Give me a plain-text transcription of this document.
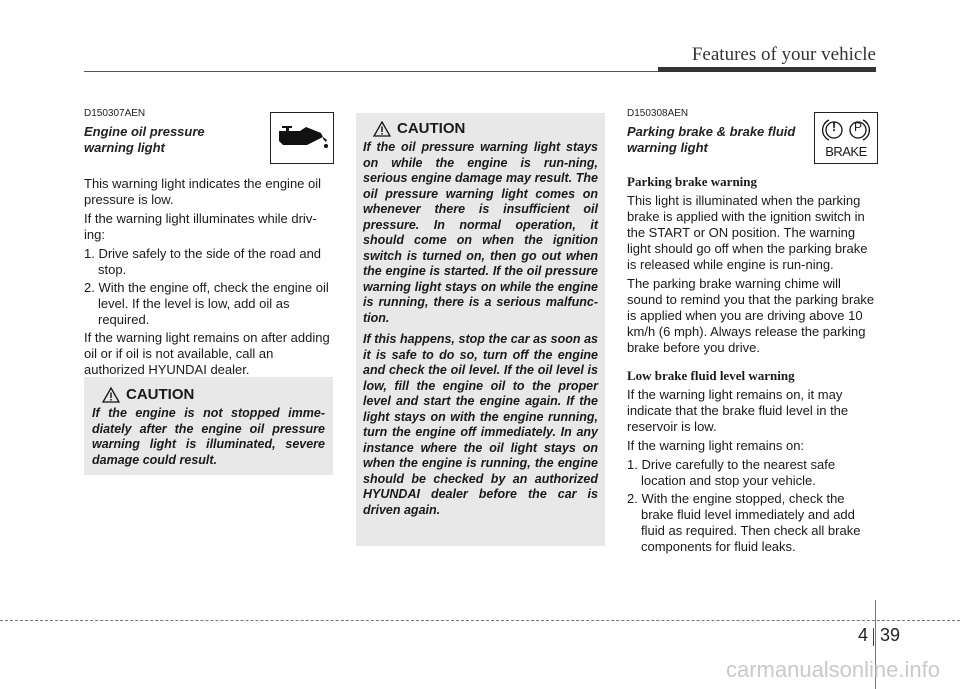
Features of your vehicle
D150307AEN
Engine oil pressure warning light

This warning light indicates the engine oil pressure is low.

If the warning light illuminates while driv-ing:

1. Drive safely to the side of the road and stop.
2. With the engine off, check the engine oil level. If the level is low, add oil as required.

If the warning light remains on after adding oil or if oil is not available, call an authorized HYUNDAI dealer.

CAUTION
If the engine is not stopped imme-diately after the engine oil pressure warning light is illuminated, severe damage could result.
CAUTION
If the oil pressure warning light stays on while the engine is run-ning, serious engine damage may result. The oil pressure warning light comes on whenever there is insufficient oil pressure. In normal operation, it should come on when the ignition switch is turned on, then go out when the engine is started. If the oil pressure warning light stays on while the engine is running, there is a serious malfunc-tion.
If this happens, stop the car as soon as it is safe to do so, turn off the engine and check the oil level. If the oil level is low, fill the engine oil to the proper level and start the engine again. If the light stays on with the engine running, turn the engine off immediately. In any instance where the oil light stays on when the engine is running, the engine should be checked by an authorized HYUNDAI dealer before the car is driven again.
D150308AEN
Parking brake & brake fluid warning light
Parking brake warning

This light is illuminated when the parking brake is applied with the ignition switch in the START or ON position. The warning light should go off when the parking brake is released while engine is run-ning.

The parking brake warning chime will sound to remind you that the parking brake is applied when you are driving above 10 km/h (6 mph). Always release the parking brake before you drive.

Low brake fluid level warning

If the warning light remains on, it may indicate that the brake fluid level in the reservoir is low.

If the warning light remains on:

1. Drive carefully to the nearest safe location and stop your vehicle.
2. With the engine stopped, check the brake fluid level immediately and add fluid as required. Then check all brake components for fluid leaks.
! P
BRAKE
4 39
carmanualsonline.info
